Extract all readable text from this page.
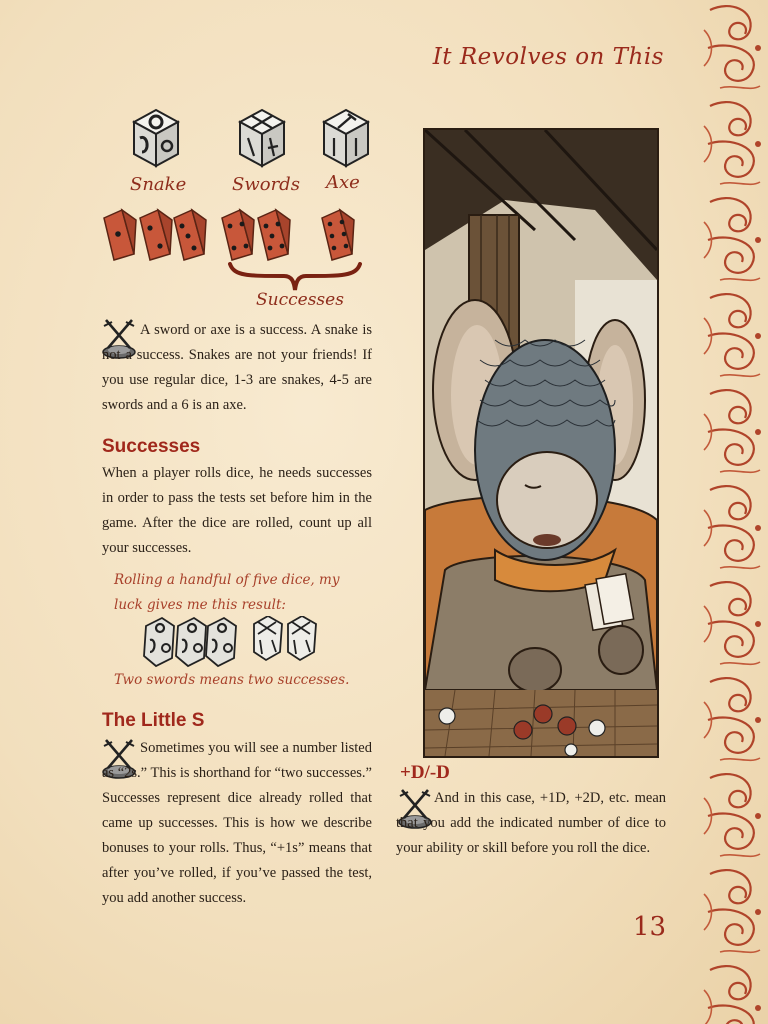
It Revolves on This
Snake	Swords Axe
Successes
A sword or axe is a success. A snake is not a success. Snakes are not your friends! If you use regular dice, 1-3 are snakes, 4-5 are swords and a 6 is an axe.
Successes
When a player rolls dice, he needs successes in order to pass the tests set before him in the game. After the dice are rolled, count up all your successes.
Rolling a handful of five dice, my luck gives me this result:
Two swords means two successes.
The Little S
Sometimes you will see a number listed as “2s.” This is shorthand for “two successes.” Successes represent dice already rolled that came up successes. This is how we describe bonuses to your rolls. Thus, “+1s” means that after you’ve rolled, if you’ve passed the test, you add another success.
+D/-D
And in this case, +1D, +2D, etc. mean that you add the indicated number of dice to your ability or skill before you roll the dice.
13
